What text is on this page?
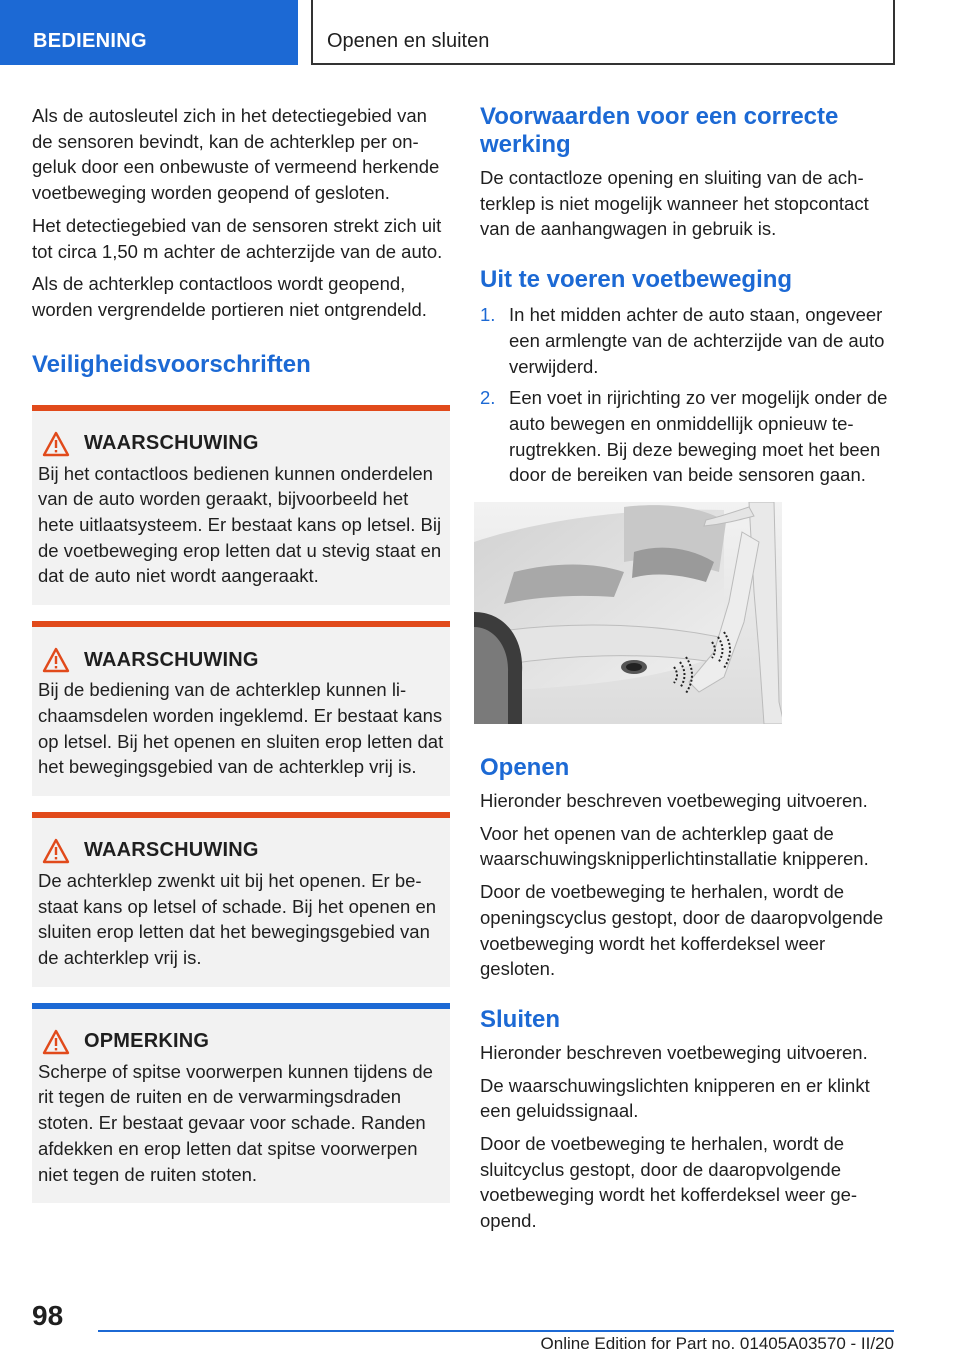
BEDIENING	Openen en sluiten

Als de autosleutel zich in het detectiegebied van de sensoren bevindt, kan de achterklep per ongeluk door een onbewuste of vermeend herkende voetbeweging worden geopend of gesloten.

Het detectiegebied van de sensoren strekt zich uit tot circa 1,50 m achter de achterzijde van de auto.

Als de achterklep contactloos wordt geopend, worden vergrendelde portieren niet ontgrendeld.

Veiligheidsvoorschriften
WAARSCHUWING

Bij het contactloos bedienen kunnen onderdelen van de auto worden geraakt, bijvoorbeeld het hete uitlaatsysteem. Er bestaat kans op letsel. Bij de voetbeweging erop letten dat u stevig staat en dat de auto niet wordt aangeraakt.

WAARSCHUWING

Bij de bediening van de achterklep kunnen lichaamsdelen worden ingeklemd. Er bestaat kans op letsel. Bij het openen en sluiten erop letten dat het bewegingsgebied van de achterklep vrij is.

WAARSCHUWING

De achterklep zwenkt uit bij het openen. Er bestaat kans op letsel of schade. Bij het openen en sluiten erop letten dat het bewegingsgebied van de achterklep vrij is.

OPMERKING

Scherpe of spitse voorwerpen kunnen tijdens de rit tegen de ruiten en de verwarmingsdraden stoten. Er bestaat gevaar voor schade. Randen afdekken en erop letten dat spitse voorwerpen niet tegen de ruiten stoten.

Voorwaarden voor een correcte werking

De contactloze opening en sluiting van de achterklep is niet mogelijk wanneer het stopcontact van de aanhangwagen in gebruik is.

Uit te voeren voetbeweging
1. In het midden achter de auto staan, ongeveer een armlengte van de achterzijde van de auto verwijderd.
2. Een voet in rijrichting zo ver mogelijk onder de auto bewegen en onmiddellijk opnieuw terugtrekken. Bij deze beweging moet het been door de bereiken van beide sensoren gaan.
Openen

Hieronder beschreven voetbeweging uitvoeren.

Voor het openen van de achterklep gaat de waarschuwingsknipperlichtinstallatie knipperen.

Door de voetbeweging te herhalen, wordt de openingscyclus gestopt, door de daaropvolgende voetbeweging wordt het kofferdeksel weer gesloten.

Sluiten

Hieronder beschreven voetbeweging uitvoeren.

De waarschuwingslichten knipperen en er klinkt een geluidssignaal.

Door de voetbeweging te herhalen, wordt de sluitcyclus gestopt, door de daaropvolgende voetbeweging wordt het kofferdeksel weer geopend.

98
Online Edition for Part no. 01405A03570 - II/20
